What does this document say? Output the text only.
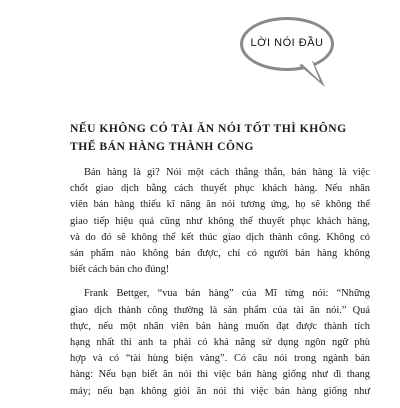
LỜI NÓI ĐẦU
NẾU KHÔNG CÓ TÀI ĂN NÓI TỐT THÌ KHÔNG
THỂ BÁN HÀNG THÀNH CÔNG

Bán hàng là gì? Nói một cách thẳng thắn, bán hàng là việc
chốt giao dịch bằng cách thuyết phục khách hàng. Nếu nhân
viên bán hàng thiếu kĩ năng ăn nói tương ứng, họ sẽ không thể
giao tiếp hiệu quả cũng như không thể thuyết phục khách hàng,
và do đó sẽ không thể kết thúc giao dịch thành công. Không có
sản phẩm nào không bán được, chỉ có người bán hàng không
biết cách bán cho đúng!

Frank Bettger, “vua bán hàng” của Mĩ từng nói: “Những
giao dịch thành công thường là sản phẩm của tài ăn nói.” Quả
thực, nếu một nhân viên bán hàng muốn đạt được thành tích
hạng nhất thì anh ta phải có khả năng sử dụng ngôn ngữ phù
hợp và có “tài hùng biện vàng”. Có câu nói trong ngành bán
hàng: Nếu bạn biết ăn nói thì việc bán hàng giống như đi thang
máy; nếu bạn không giỏi ăn nói thì việc bán hàng giống như
